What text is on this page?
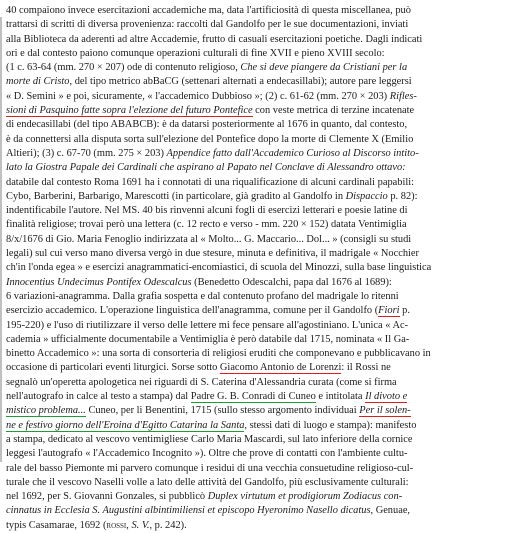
40 compaiono invece esercitazioni accademiche ma, data l'artificiosità di questa miscellanea, può
trattarsi di scritti di diversa provenienza: raccolti dal Gandolfo per le sue documentazioni, inviati
alla Biblioteca da aderenti ad altre Accademie, frutto di casuali esercitazioni poetiche. Dagli indicati
ori e dal contesto paiono comunque operazioni culturali di fine XVII e pieno XVIII secolo:
(1 c. 63-64 (mm. 270 × 207) ode di contenuto religioso, Che si deve piangere da Cristiani per la
morte di Cristo, del tipo metrico abBaCG (settenari alternati a endecasillabi); autore pare leggersi
« D. Semini » e poi, sicuramente, « l'accademico Dubbioso »; (2) c. 61-62 (mm. 270 × 203) Rifles-
sioni di Pasquino fatte sopra l'elezione del futuro Pontefice con veste metrica di terzine incatenate
di endecasillabi (del tipo ABABCB): è da datarsi posteriormente al 1676 in quanto, dal contesto,
è da connettersi alla disputa sorta sull'elezione del Pontefice dopo la morte di Clemente X (Emilio
Altieri); (3) c. 67-70 (mm. 275 × 203) Appendice fatto dall'Accademico Curioso al Discorso intito-
lato la Giostra Papale dei Cardinali che aspirano al Papato nel Conclave di Alessandro ottavo:
databile dal contesto Roma 1691 ha i connotati di una riqualificazione di alcuni cardinali papabili:
Cybo, Barberini, Barbarigo, Marescotti (in particolare, già gradito al Gandolfo in Dispaccio p. 82):
indentificabile l'autore. Nel MS. 40 bis rinvenni alcuni fogli di esercizi letterari e poesie latine di
finalità religiose; trovai però una lettera (c. 12 recto e verso - mm. 220 × 152) datata Ventimiglia
8/x/1676 di Gio. Maria Fenoglio indirizzata al « Molto... G. Maccario... Dol... » (consigli su studi
legali) sul cui verso mano diversa vergò in due stesure, minuta e definitiva, il madrigale « Nocchier
ch'in l'onda egea » e esercizi anagrammatici-encomiastici, di scuola del Minozzi, sulla base linguistica
Innocentius Undecimus Pontifex Odescalcus (Benedetto Odescalchi, papa dal 1676 al 1689):
6 variazioni-anagramma. Dalla grafia sospetta e dal contenuto profano del madrigale lo ritenni
esercizio accademico. L'operazione linguistica dell'anagramma, comune per il Gandolfo (Fiori p.
195-220) e l'uso di riutilizzare il verso delle lettere mi fece pensare all'agostiniano. L'unica « Ac-
cademia » ufficialmente documentabile a Ventimiglia è però databile dal 1715, nominata « Il Ga-
binetto Accademico »: una sorta di consorteria di religiosi eruditi che componevano e pubblicavano in
occasione di particolari eventi liturgici. Sorse sotto Giacomo Antonio de Lorenzi: il Rossi ne
segnalò un'operetta apologetica nei riguardi di S. Caterina d'Alessandria curata (come si firma
nell'autografo in calce al testo a stampa) dal Padre G. B. Conradi di Cuneo e intitolata Il divoto e
mistico problema... Cuneo, per li Benentini, 1715 (sullo stesso argomento individuai Per il solen-
ne e festivo giorno dell'Eroina d'Egitto Catarina la Santa, stessi dati di luogo e stampa): manifesto
a stampa, dedicato al vescovo ventimigliese Carlo Maria Mascardi, sul lato inferiore della cornice
leggesi l'autografo « l'Accademico Incognito »). Oltre che prove di contatti con l'ambiente cultu-
rale del basso Piemonte mi parvero comunque i residui di una vecchia consuetudine religioso-cul-
turale che il vescovo Naselli volle a lato delle attività del Gandolfo, più esclusivamente culturali:
nel 1692, per S. Giovanni Gonzales, si pubblicò Duplex virtutum et prodigiorum Zodiacus con-
cinnatus in Ecclesia S. Augustini albintimiliensi et episcopo Hyeronimo Nasello dicatus, Genuae,
typis Casamarae, 1692 (rossi, S. V., p. 242).
